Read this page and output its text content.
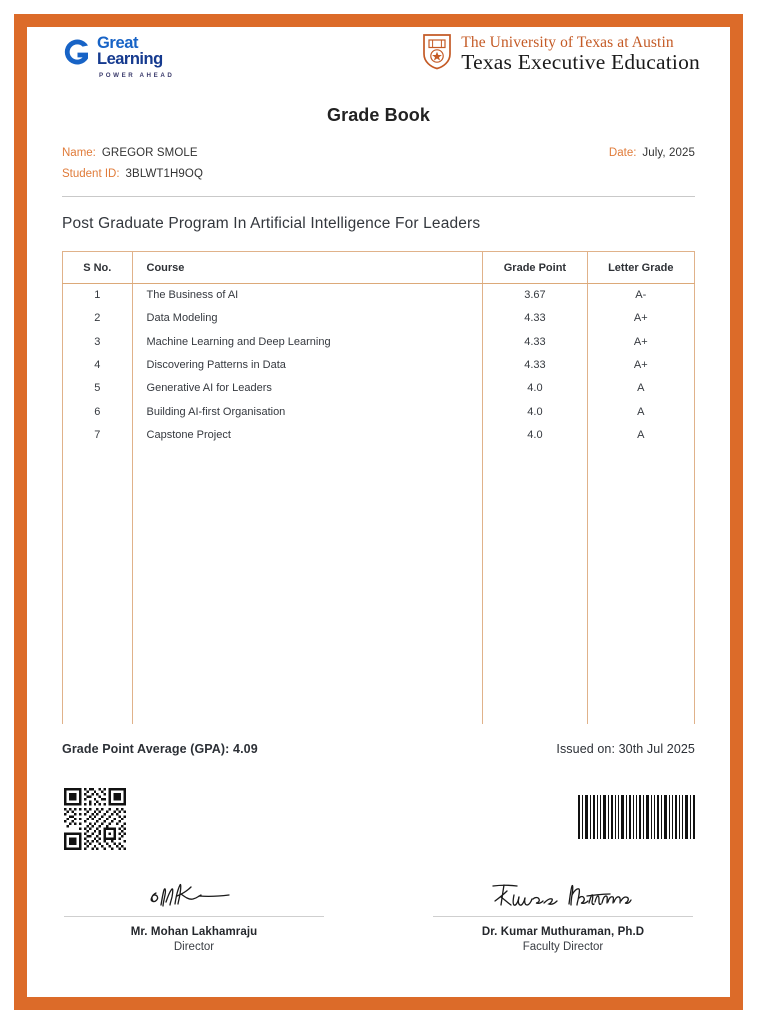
Great
Learning
POWER AHEAD
The University of Texas at Austin
Texas Executive Education
Grade Book
Name: GREGOR SMOLE
Student ID: 3BLWT1H9OQ
Date: July, 2025
Post Graduate Program In Artificial Intelligence For Leaders
S No.	Course	Grade Point	Letter Grade
1	The Business of AI	3.67	A-
2	Data Modeling	4.33	A+
3	Machine Learning and Deep Learning	4.33	A+
4	Discovering Patterns in Data	4.33	A+
5	Generative AI for Leaders	4.0	A
6	Building AI-first Organisation	4.0	A
7	Capstone Project	4.0	A

Grade Point Average (GPA): 4.09	Issued on: 30th Jul 2025
Mr. Mohan Lakhamraju
Director
Dr. Kumar Muthuraman, Ph.D
Faculty Director
